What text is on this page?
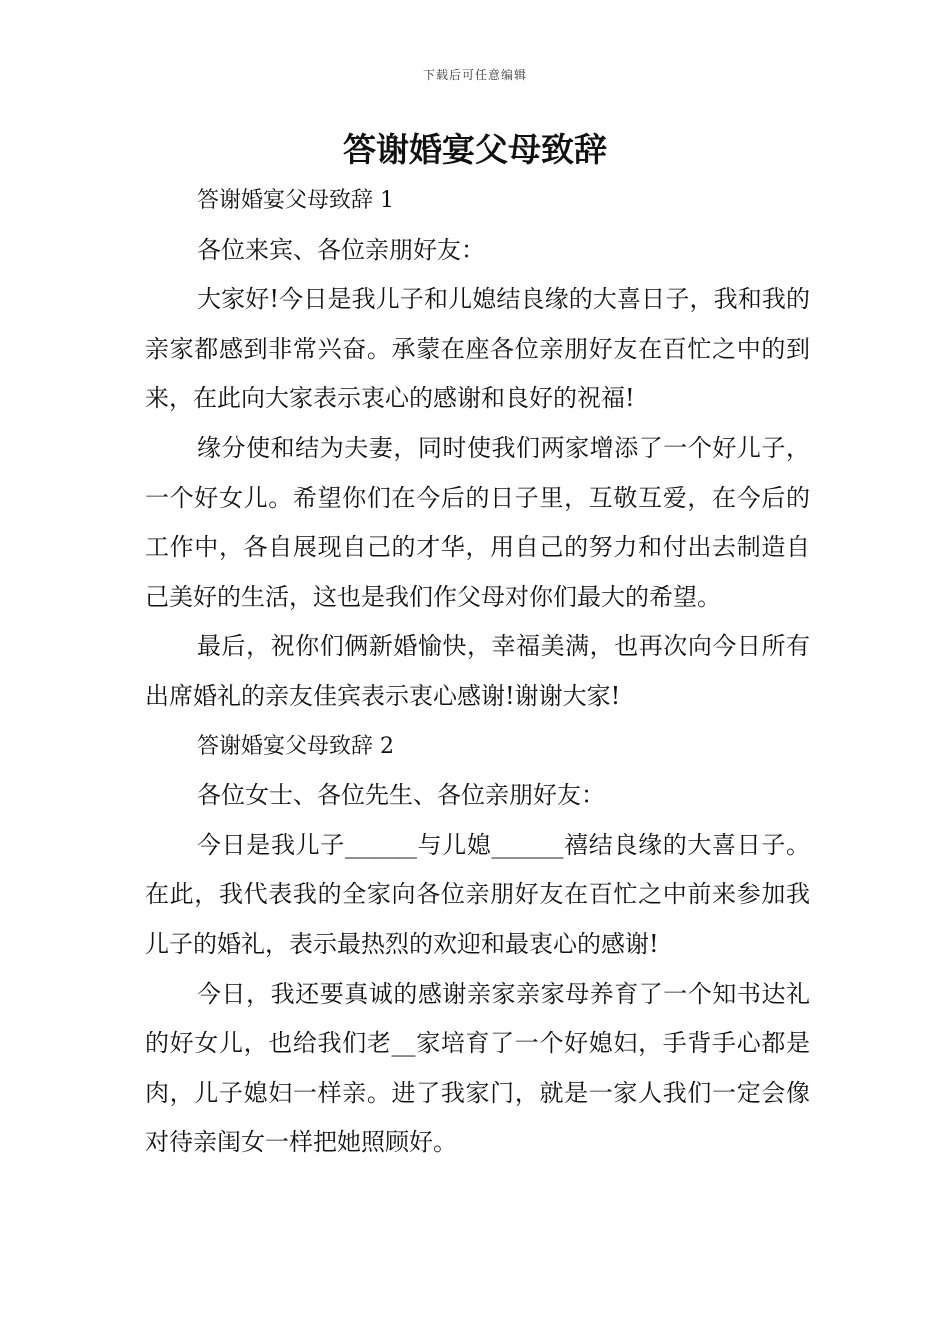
下载后可任意编辑
答谢婚宴父母致辞

答谢婚宴父母致辞 1

各位来宾、各位亲朋好友：

大家好!今日是我儿子和儿媳结良缘的大喜日子，我和我的亲家都感到非常兴奋。承蒙在座各位亲朋好友在百忙之中的到来，在此向大家表示衷心的感谢和良好的祝福!

缘分使和结为夫妻，同时使我们两家增添了一个好儿子，一个好女儿。希望你们在今后的日子里，互敬互爱，在今后的工作中，各自展现自己的才华，用自己的努力和付出去制造自己美好的生活，这也是我们作父母对你们最大的希望。

最后，祝你们俩新婚愉快，幸福美满，也再次向今日所有出席婚礼的亲友佳宾表示衷心感谢!谢谢大家!

答谢婚宴父母致辞 2

各位女士、各位先生、各位亲朋好友：

今日是我儿子______与儿媳______禧结良缘的大喜日子。在此，我代表我的全家向各位亲朋好友在百忙之中前来参加我儿子的婚礼，表示最热烈的欢迎和最衷心的感谢!

今日，我还要真诚的感谢亲家亲家母养育了一个知书达礼的好女儿，也给我们老__家培育了一个好媳妇，手背手心都是肉，儿子媳妇一样亲。进了我家门，就是一家人我们一定会像对待亲闺女一样把她照顾好。
